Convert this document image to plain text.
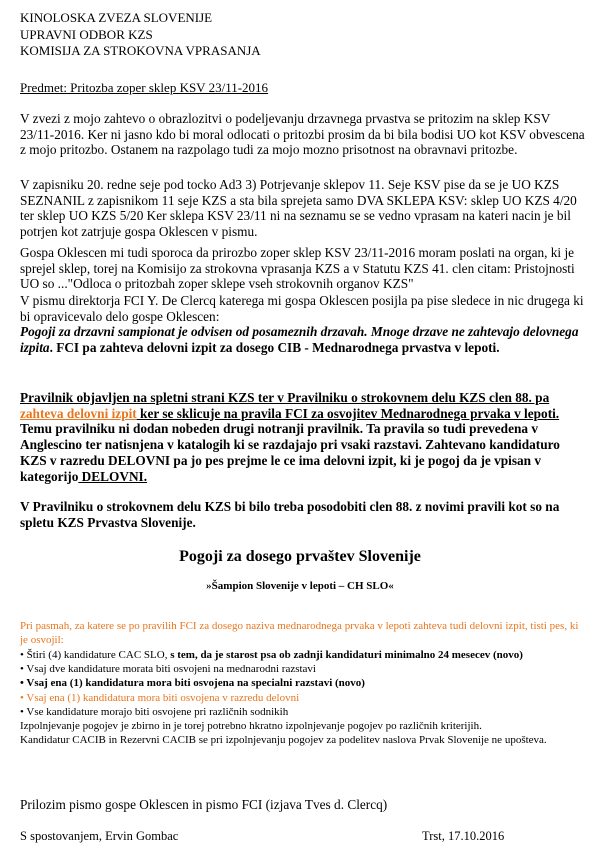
KINOLOSKA ZVEZA SLOVENIJE
UPRAVNI ODBOR KZS
KOMISIJA ZA STROKOVNA VPRASANJA
Predmet: Pritozba zoper sklep KSV 23/11-2016

V zvezi z mojo zahtevo o obrazlozitvi o podeljevanju drzavnega prvastva se pritozim na sklep KSV 23/11-2016. Ker ni jasno kdo bi moral odlocati o pritozbi prosim da bi bila bodisi UO kot KSV obvescena z mojo pritozbo. Ostanem na razpolago tudi za mojo mozno prisotnost na obravnavi pritozbe.

V zapisniku 20. redne seje pod tocko Ad3 3) Potrjevanje sklepov 11. Seje KSV pise da se je UO KZS SEZNANIL z zapisnikom 11 seje KZS a sta bila sprejeta samo DVA SKLEPA KSV: sklep UO KZS 4/20 ter sklep UO KZS 5/20 Ker sklepa KSV 23/11 ni na seznamu se se vedno vprasam na kateri nacin je bil potrjen kot zatrjuje gospa Oklescen v pismu.

Gospa Oklescen mi tudi sporoca da prirozbo zoper sklep KSV 23/11-2016 moram poslati na organ, ki je sprejel sklep, torej na Komisijo za strokovna vprasanja KZS a v Statutu KZS 41. clen citam: Pristojnosti UO so ..."Odloca o pritozbah zoper sklepe vseh strokovnih organov KZS"

V pismu direktorja FCI Y. De Clercq katerega mi gospa Oklescen posijla pa pise sledece in nic drugega ki bi opravicevalo delo gospe Oklescen:

Pogoji za drzavni sampionat je odvisen od posameznih drzavah. Mnoge drzave ne zahtevajo delovnega izpita. FCI pa zahteva delovni izpit za dosego CIB - Mednarodnega prvastva v lepoti.

Pravilnik objavljen na spletni strani KZS ter v Pravilniku o strokovnem delu KZS clen 88. pa
zahteva delovni izpit ker se sklicuje na pravila FCI za osvojitev Mednarodnega prvaka v lepoti. Temu pravilniku ni dodan nobeden drugi notranji pravilnik. Ta pravila so tudi prevedena v Anglescino ter natisnjena v katalogih ki se razdajajo pri vsaki razstavi. Zahtevano kandidaturo KZS v razredu DELOVNI pa jo pes prejme le ce ima delovni izpit, ki je pogoj da je vpisan v kategorijo DELOVNI.

V Pravilniku o strokovnem delu KZS bi bilo treba posodobiti clen 88. z novimi pravili kot so na spletu KZS Prvastva Slovenije.

Pogoji za dosego prvaštev Slovenije
»Šampion Slovenije v lepoti – CH SLO«

Pri pasmah, za katere se po pravilih FCI za dosego naziva mednarodnega prvaka v lepoti zahteva tudi delovni izpit, tisti pes, ki je osvojil:

• Štiri (4) kandidature CAC SLO, s tem, da je starost psa ob zadnji kandidaturi minimalno 24 mesecev (novo)
• Vsaj dve kandidature morata biti osvojeni na mednarodni razstavi
• Vsaj ena (1) kandidatura mora biti osvojena na specialni razstavi (novo)
• Vsaj ena (1) kandidatura mora biti osvojena v razredu delovni
• Vse kandidature morajo biti osvojene pri različnih sodnikih
Izpolnjevanje pogojev je zbirno in je torej potrebno hkratno izpolnjevanje pogojev po različnih kriterijih.
Kandidatur CACIB in Rezervni CACIB se pri izpolnjevanju pogojev za podelitev naslova Prvak Slovenije ne upošteva.

Prilozim pismo gospe Oklescen in pismo FCI (izjava Tves d. Clercq)

S spostovanjem, Ervin Gombac	Trst, 17.10.2016
